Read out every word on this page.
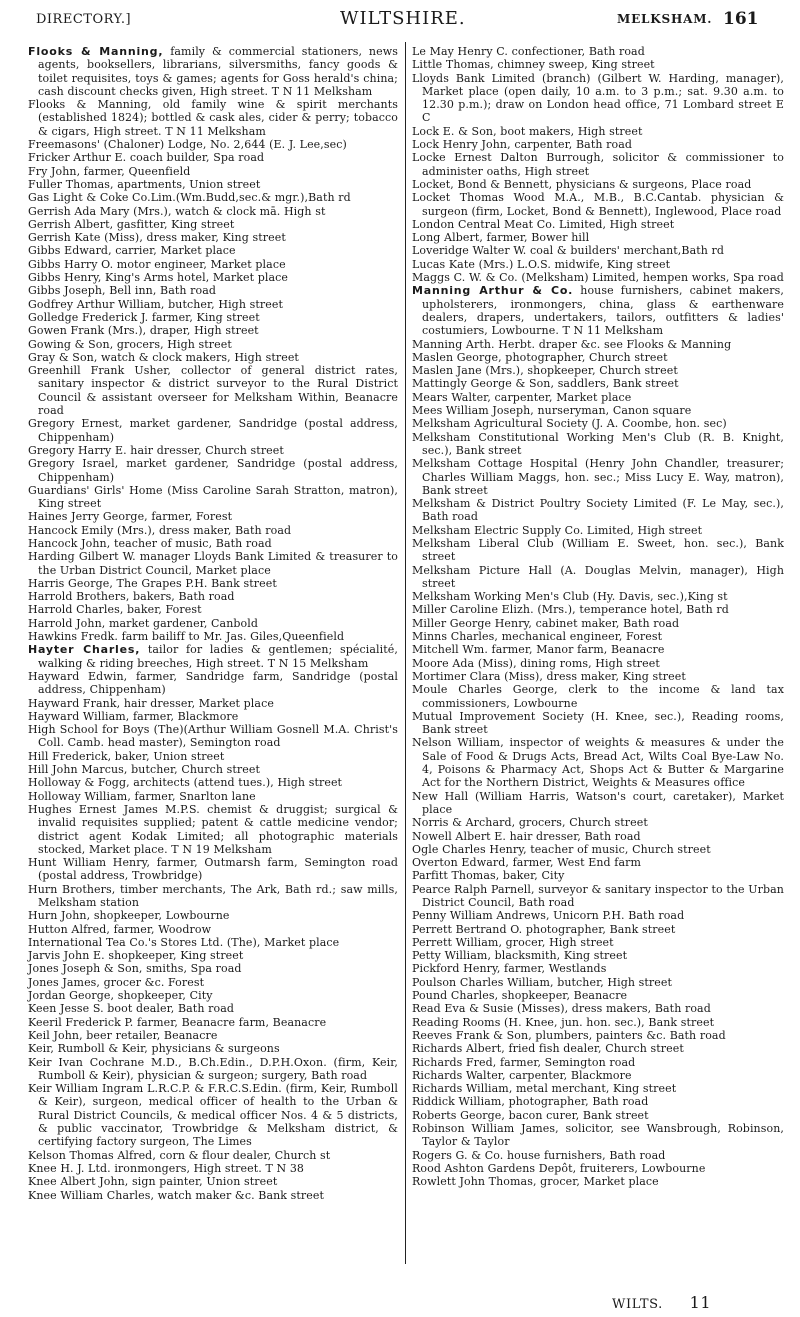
DIRECTORY.]	WILTSHIRE.	MELKSHAM. 161

Flooks & Manning, family & commercial stationers, news agents, booksellers, librarians, silversmiths, fancy goods & toilet requisites, toys & games; agents for Goss herald's china; cash discount checks given, High street. T N 11 Melksham

Flooks & Manning, old family wine & spirit merchants (established 1824); bottled & cask ales, cider & perry; tobacco & cigars, High street. T N 11 Melksham

Freemasons' (Chaloner) Lodge, No. 2,644 (E. J. Lee,sec)

Fricker Arthur E. coach builder, Spa road

Fry John, farmer, Queenfield

Fuller Thomas, apartments, Union street

Gas Light & Coke Co.Lim.(Wm.Budd,sec.& mgr.),Bath rd

Gerrish Ada Mary (Mrs.), watch & clock mā. High st

Gerrish Albert, gasfitter, King street

Gerrish Kate (Miss), dress maker, King street

Gibbs Edward, carrier, Market place

Gibbs Harry O. motor engineer, Market place

Gibbs Henry, King's Arms hotel, Market place

Gibbs Joseph, Bell inn, Bath road

Godfrey Arthur William, butcher, High street

Golledge Frederick J. farmer, King street

Gowen Frank (Mrs.), draper, High street

Gowing & Son, grocers, High street

Gray & Son, watch & clock makers, High street

Greenhill Frank Usher, collector of general district rates, sanitary inspector & district surveyor to the Rural District Council & assistant overseer for Melksham Within, Beanacre road

Gregory Ernest, market gardener, Sandridge (postal address, Chippenham)

Gregory Harry E. hair dresser, Church street

Gregory Israel, market gardener, Sandridge (postal address, Chippenham)

Guardians' Girls' Home (Miss Caroline Sarah Stratton, matron), King street

Haines Jerry George, farmer, Forest

Hancock Emily (Mrs.), dress maker, Bath road

Hancock John, teacher of music, Bath road

Harding Gilbert W. manager Lloyds Bank Limited & treasurer to the Urban District Council, Market place

Harris George, The Grapes P.H. Bank street

Harrold Brothers, bakers, Bath road

Harrold Charles, baker, Forest

Harrold John, market gardener, Canbold

Hawkins Fredk. farm bailiff to Mr. Jas. Giles,Queenfield

Hayter Charles, tailor for ladies & gentlemen; spécialité, walking & riding breeches, High street. T N 15 Melksham

Hayward Edwin, farmer, Sandridge farm, Sandridge (postal address, Chippenham)

Hayward Frank, hair dresser, Market place

Hayward William, farmer, Blackmore

High School for Boys (The)(Arthur William Gosnell M.A. Christ's Coll. Camb. head master), Semington road

Hill Frederick, baker, Union street

Hill John Marcus, butcher, Church street

Holloway & Fogg, architects (attend tues.), High street

Holloway William, farmer, Snarlton lane

Hughes Ernest James M.P.S. chemist & druggist; surgical & invalid requisites supplied; patent & cattle medicine vendor; district agent Kodak Limited; all photographic materials stocked, Market place. T N 19 Melksham

Hunt William Henry, farmer, Outmarsh farm, Semington road (postal address, Trowbridge)

Hurn Brothers, timber merchants, The Ark, Bath rd.; saw mills, Melksham station

Hurn John, shopkeeper, Lowbourne

Hutton Alfred, farmer, Woodrow

International Tea Co.'s Stores Ltd. (The), Market place

Jarvis John E. shopkeeper, King street

Jones Joseph & Son, smiths, Spa road

Jones James, grocer &c. Forest

Jordan George, shopkeeper, City

Keen Jesse S. boot dealer, Bath road

Keeril Frederick P. farmer, Beanacre farm, Beanacre

Keil John, beer retailer, Beanacre

Keir, Rumboll & Keir, physicians & surgeons

Keir Ivan Cochrane M.D., B.Ch.Edin., D.P.H.Oxon. (firm, Keir, Rumboll & Keir), physician & surgeon; surgery, Bath road

Keir William Ingram L.R.C.P. & F.R.C.S.Edin. (firm, Keir, Rumboll & Keir), surgeon, medical officer of health to the Urban & Rural District Councils, & medical officer Nos. 4 & 5 districts, & public vaccinator, Trowbridge & Melksham district, & certifying factory surgeon, The Limes

Kelson Thomas Alfred, corn & flour dealer, Church st

Knee H. J. Ltd. ironmongers, High street. T N 38

Knee Albert John, sign painter, Union street

Knee William Charles, watch maker &c. Bank street

Le May Henry C. confectioner, Bath road

Little Thomas, chimney sweep, King street

Lloyds Bank Limited (branch) (Gilbert W. Harding, manager), Market place (open daily, 10 a.m. to 3 p.m.; sat. 9.30 a.m. to 12.30 p.m.); draw on London head office, 71 Lombard street E C

Lock E. & Son, boot makers, High street

Lock Henry John, carpenter, Bath road

Locke Ernest Dalton Burrough, solicitor & commissioner to administer oaths, High street

Locket, Bond & Bennett, physicians & surgeons, Place road

Locket Thomas Wood M.A., M.B., B.C.Cantab. physician & surgeon (firm, Locket, Bond & Bennett), Inglewood, Place road

London Central Meat Co. Limited, High street

Long Albert, farmer, Bower hill

Loveridge Walter W. coal & builders' merchant,Bath rd

Lucas Kate (Mrs.) L.O.S. midwife, King street

Maggs C. W. & Co. (Melksham) Limited, hempen works, Spa road

Manning Arthur & Co. house furnishers, cabinet makers, upholsterers, ironmongers, china, glass & earthenware dealers, drapers, undertakers, tailors, outfitters & ladies' costumiers, Lowbourne. T N 11 Melksham

Manning Arth. Herbt. draper &c. see Flooks & Manning

Maslen George, photographer, Church street

Maslen Jane (Mrs.), shopkeeper, Church street

Mattingly George & Son, saddlers, Bank street

Mears Walter, carpenter, Market place

Mees William Joseph, nurseryman, Canon square

Melksham Agricultural Society (J. A. Coombe, hon. sec)

Melksham Constitutional Working Men's Club (R. B. Knight, sec.), Bank street

Melksham Cottage Hospital (Henry John Chandler, treasurer; Charles William Maggs, hon. sec.; Miss Lucy E. Way, matron), Bank street

Melksham & District Poultry Society Limited (F. Le May, sec.), Bath road

Melksham Electric Supply Co. Limited, High street

Melksham Liberal Club (William E. Sweet, hon. sec.), Bank street

Melksham Picture Hall (A. Douglas Melvin, manager), High street

Melksham Working Men's Club (Hy. Davis, sec.),King st

Miller Caroline Elizh. (Mrs.), temperance hotel, Bath rd

Miller George Henry, cabinet maker, Bath road

Minns Charles, mechanical engineer, Forest

Mitchell Wm. farmer, Manor farm, Beanacre

Moore Ada (Miss), dining roms, High street

Mortimer Clara (Miss), dress maker, King street

Moule Charles George, clerk to the income & land tax commissioners, Lowbourne

Mutual Improvement Society (H. Knee, sec.), Reading rooms, Bank street

Nelson William, inspector of weights & measures & under the Sale of Food & Drugs Acts, Bread Act, Wilts Coal Bye-Law No. 4, Poisons & Pharmacy Act, Shops Act & Butter & Margarine Act for the Northern District, Weights & Measures office

New Hall (William Harris, Watson's court, caretaker), Market place

Norris & Archard, grocers, Church street

Nowell Albert E. hair dresser, Bath road

Ogle Charles Henry, teacher of music, Church street

Overton Edward, farmer, West End farm

Parfitt Thomas, baker, City

Pearce Ralph Parnell, surveyor & sanitary inspector to the Urban District Council, Bath road

Penny William Andrews, Unicorn P.H. Bath road

Perrett Bertrand O. photographer, Bank street

Perrett William, grocer, High street

Petty William, blacksmith, King street

Pickford Henry, farmer, Westlands

Poulson Charles William, butcher, High street

Pound Charles, shopkeeper, Beanacre

Read Eva & Susie (Misses), dress makers, Bath road

Reading Rooms (H. Knee, jun. hon. sec.), Bank street

Reeves Frank & Son, plumbers, painters &c. Bath road

Richards Albert, fried fish dealer, Church street

Richards Fred, farmer, Semington road

Richards Walter, carpenter, Blackmore

Richards William, metal merchant, King street

Riddick William, photographer, Bath road

Roberts George, bacon curer, Bank street

Robinson William James, solicitor, see Wansbrough, Robinson, Taylor & Taylor

Rogers G. & Co. house furnishers, Bath road

Rood Ashton Gardens Depôt, fruiterers, Lowbourne

Rowlett John Thomas, grocer, Market place

WILTS. 11
